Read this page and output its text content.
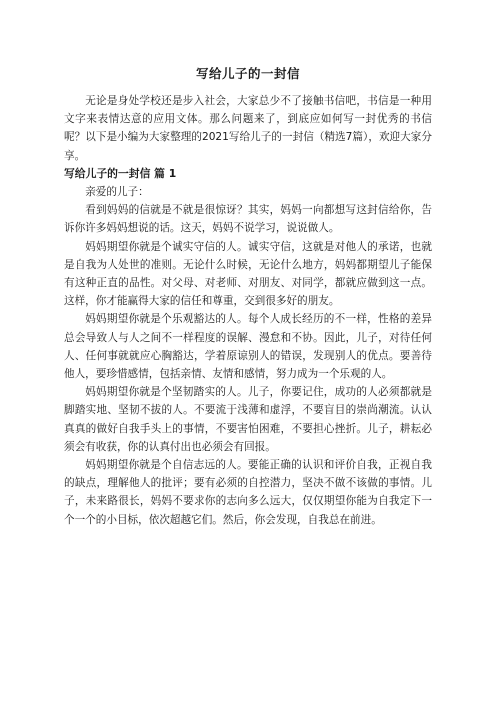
写给儿子的一封信

无论是身处学校还是步入社会，大家总少不了接触书信吧，书信是一种用文字来表情达意的应用文体。那么问题来了，到底应如何写一封优秀的书信呢？以下是小编为大家整理的2021写给儿子的一封信（精选7篇），欢迎大家分享。

写给儿子的一封信 篇 1

亲爱的儿子：

看到妈妈的信就是不就是很惊讶？其实，妈妈一向都想写这封信给你，告诉你许多妈妈想说的话。这天，妈妈不说学习，说说做人。

妈妈期望你就是个诚实守信的人。诚实守信，这就是对他人的承诺，也就是自我为人处世的准则。无论什么时候，无论什么地方，妈妈都期望儿子能保有这种正直的品性。对父母、对老师、对朋友、对同学，都就应做到这一点。这样，你才能赢得大家的信任和尊重，交到很多好的朋友。

妈妈期望你就是个乐观豁达的人。每个人成长经历的不一样，性格的差异总会导致人与人之间不一样程度的误解、漫怠和不协。因此，儿子，对待任何人、任何事就就应心胸豁达，学着原谅别人的错误，发现别人的优点。要善待他人，要珍惜感情，包括亲情、友情和感情，努力成为一个乐观的人。

妈妈期望你就是个坚韧踏实的人。儿子，你要记住，成功的人必须都就是脚踏实地、坚韧不拔的人。不要流于浅薄和虚浮，不要盲目的崇尚潮流。认认真真的做好自我手头上的事情，不要害怕困难，不要担心挫折。儿子，耕耘必须会有收获，你的认真付出也必须会有回报。

妈妈期望你就是个自信志远的人。要能正确的认识和评价自我，正视自我的缺点，理解他人的批评；要有必须的自控潜力，坚决不做不该做的事情。儿子，未来路很长，妈妈不要求你的志向多么远大，仅仅期望你能为自我定下一个一个的小目标，依次超越它们。然后，你会发现，自我总在前进。
